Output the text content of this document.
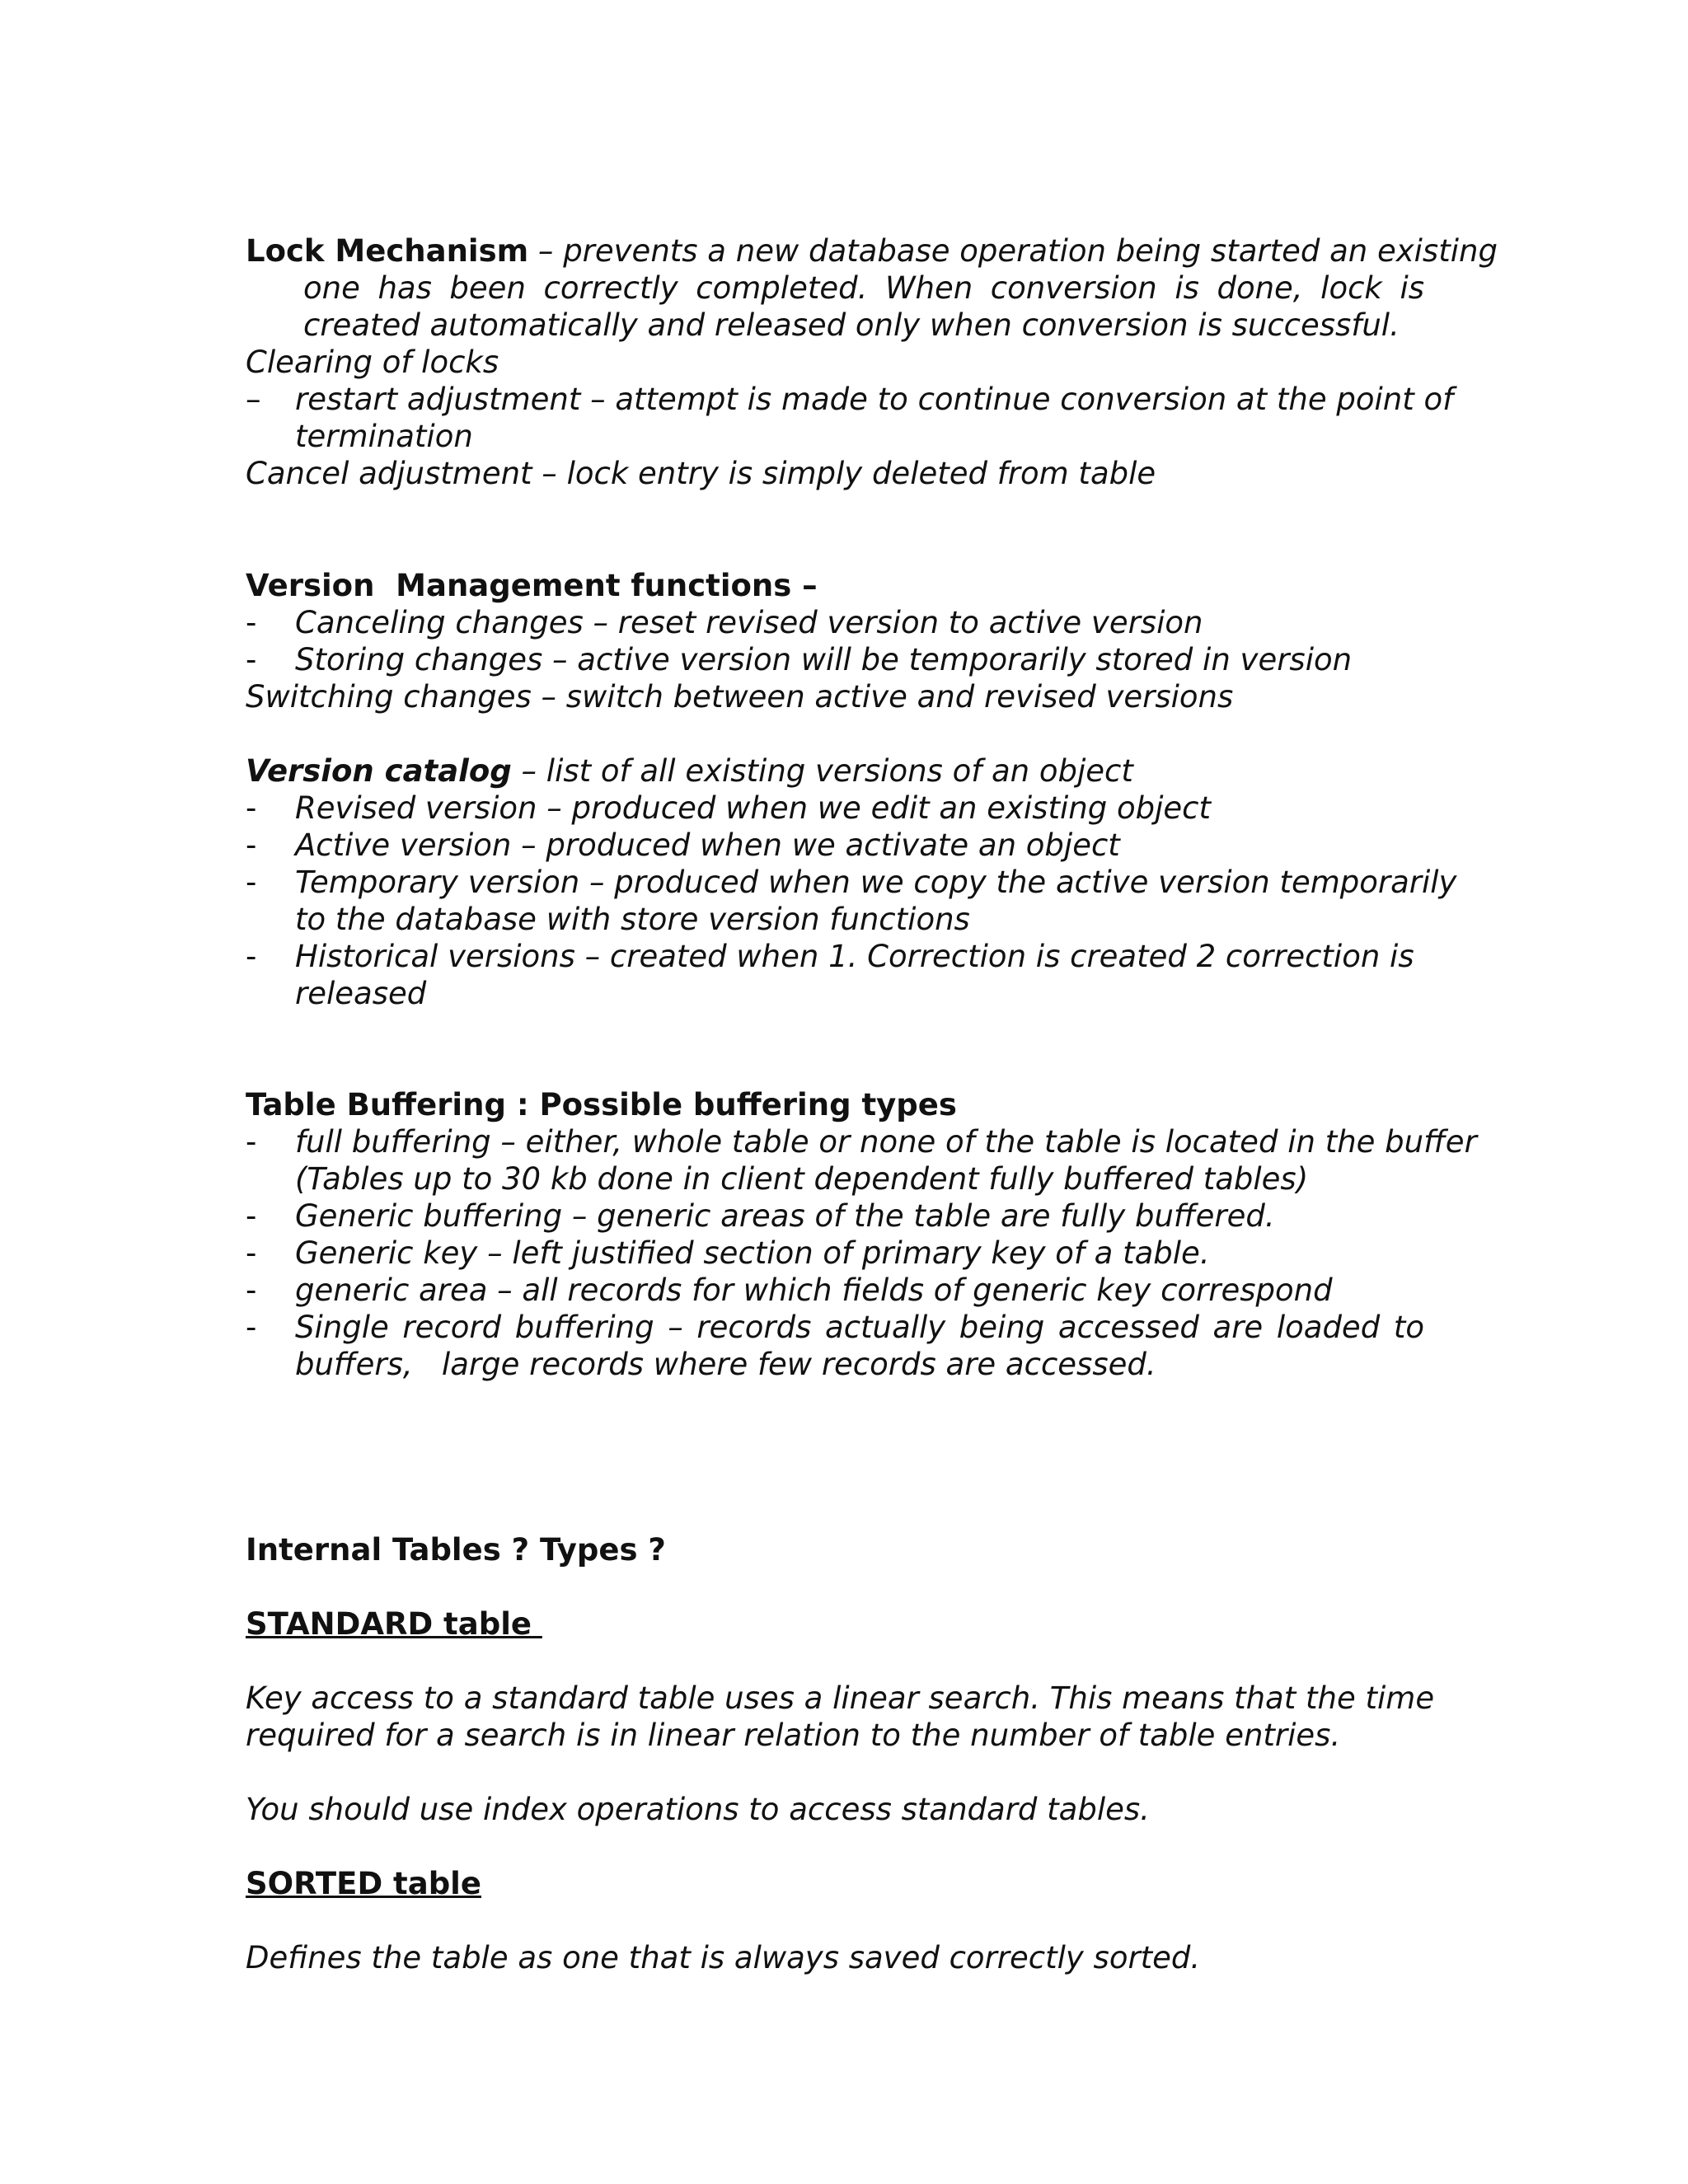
Lock Mechanism – prevents a new database operation being started an existing
one has been correctly completed. When conversion is done, lock is
created automatically and released only when conversion is successful.
Clearing of locks
– restart adjustment – attempt is made to continue conversion at the point of
termination
Cancel adjustment – lock entry is simply deleted from table
Version  Management functions –
- Canceling changes – reset revised version to active version
- Storing changes – active version will be temporarily stored in version
Switching changes – switch between active and revised versions
Version catalog – list of all existing versions of an object
- Revised version – produced when we edit an existing object
- Active version – produced when we activate an object
- Temporary version – produced when we copy the active version temporarily
to the database with store version functions
- Historical versions – created when 1. Correction is created 2 correction is
released
Table Buffering : Possible buffering types
- full buffering – either, whole table or none of the table is located in the buffer
(Tables up to 30 kb done in client dependent fully buffered tables)
- Generic buffering – generic areas of the table are fully buffered.
- Generic key – left justified section of primary key of a table.
- generic area – all records for which fields of generic key correspond
- Single record buffering – records actually being accessed are loaded to
buffers,   large records where few records are accessed.
Internal Tables ? Types ?
STANDARD table
Key access to a standard table uses a linear search. This means that the time
required for a search is in linear relation to the number of table entries.
You should use index operations to access standard tables.
SORTED table
Defines the table as one that is always saved correctly sorted.
